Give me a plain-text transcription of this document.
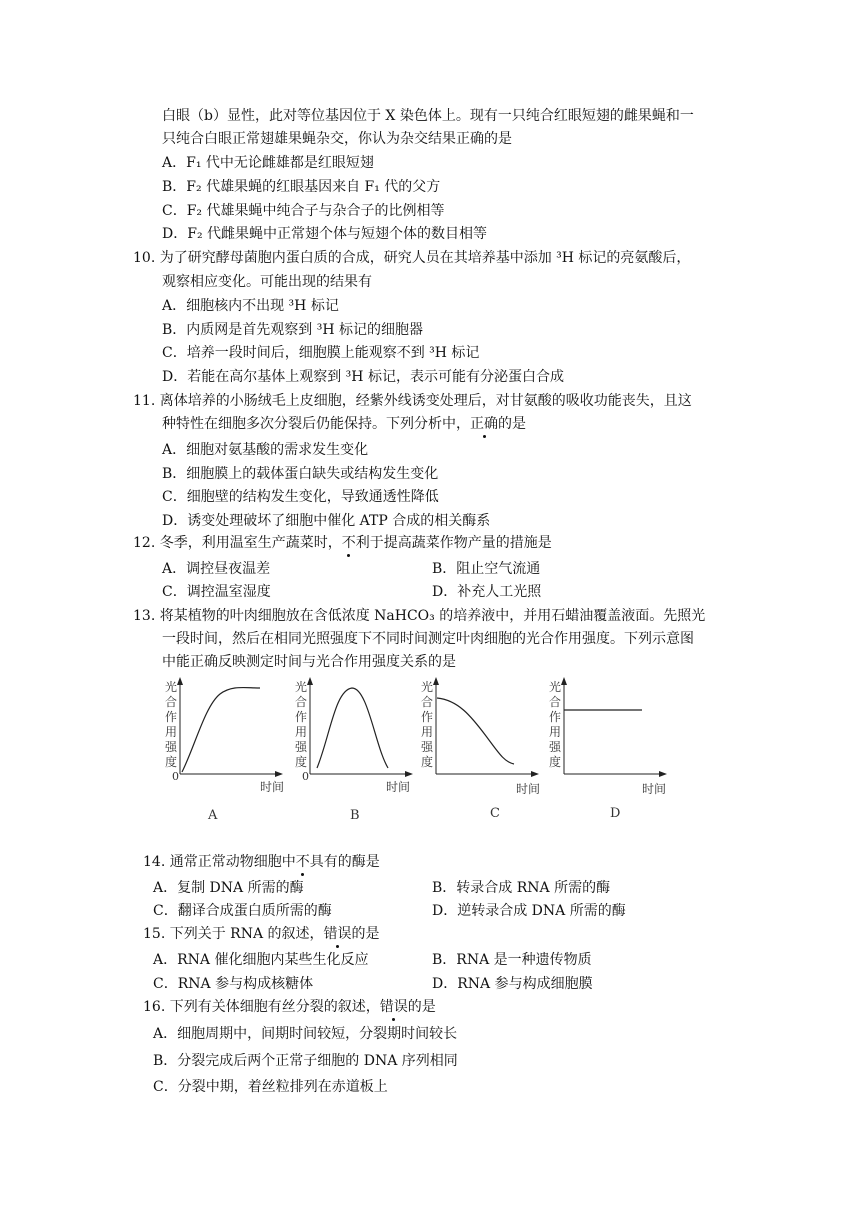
白眼（b）显性，此对等位基因位于 X 染色体上。现有一只纯合红眼短翅的雌果蝇和一
只纯合白眼正常翅雄果蝇杂交，你认为杂交结果正确的是
A．F₁ 代中无论雌雄都是红眼短翅
B．F₂ 代雄果蝇的红眼基因来自 F₁ 代的父方
C．F₂ 代雄果蝇中纯合子与杂合子的比例相等
D．F₂ 代雌果蝇中正常翅个体与短翅个体的数目相等
10. 为了研究酵母菌胞内蛋白质的合成，研究人员在其培养基中添加 ³H 标记的亮氨酸后，
观察相应变化。可能出现的结果有
A．细胞核内不出现 ³H 标记
B．内质网是首先观察到 ³H 标记的细胞器
C．培养一段时间后，细胞膜上能观察不到 ³H 标记
D．若能在高尔基体上观察到 ³H 标记，表示可能有分泌蛋白合成
11. 离体培养的小肠绒毛上皮细胞，经紫外线诱变处理后，对甘氨酸的吸收功能丧失，且这
种特性在细胞多次分裂后仍能保持。下列分析中，正确的是
A．细胞对氨基酸的需求发生变化
B．细胞膜上的载体蛋白缺失或结构发生变化
C．细胞壁的结构发生变化，导致通透性降低
D．诱变处理破坏了细胞中催化 ATP 合成的相关酶系
12. 冬季，利用温室生产蔬菜时，不利于提高蔬菜作物产量的措施是
A．调控昼夜温差	B．阻止空气流通
C．调控温室湿度	D．补充人工光照
13. 将某植物的叶肉细胞放在含低浓度 NaHCO₃ 的培养液中，并用石蜡油覆盖液面。先照光
一段时间，然后在相同光照强度下不同时间测定叶肉细胞的光合作用强度。下列示意图
中能正确反映测定时间与光合作用强度关系的是
14. 通常正常动物细胞中不具有的酶是
A．复制 DNA 所需的酶	B．转录合成 RNA 所需的酶
C．翻译合成蛋白质所需的酶	D．逆转录合成 DNA 所需的酶
15. 下列关于 RNA 的叙述，错误的是
A．RNA 催化细胞内某些生化反应	B．RNA 是一种遗传物质
C．RNA 参与构成核糖体	D．RNA 参与构成细胞膜
16. 下列有关体细胞有丝分裂的叙述，错误的是
A．细胞周期中，间期时间较短，分裂期时间较长
B．分裂完成后两个正常子细胞的 DNA 序列相同
C．分裂中期，着丝粒排列在赤道板上
光
合
作
用
强
度
0
时间
A
光
合
作
用
强
度
0
时间
B
光
合
作
用
强
度
时间
C
光
合
作
用
强
度
时间
D
